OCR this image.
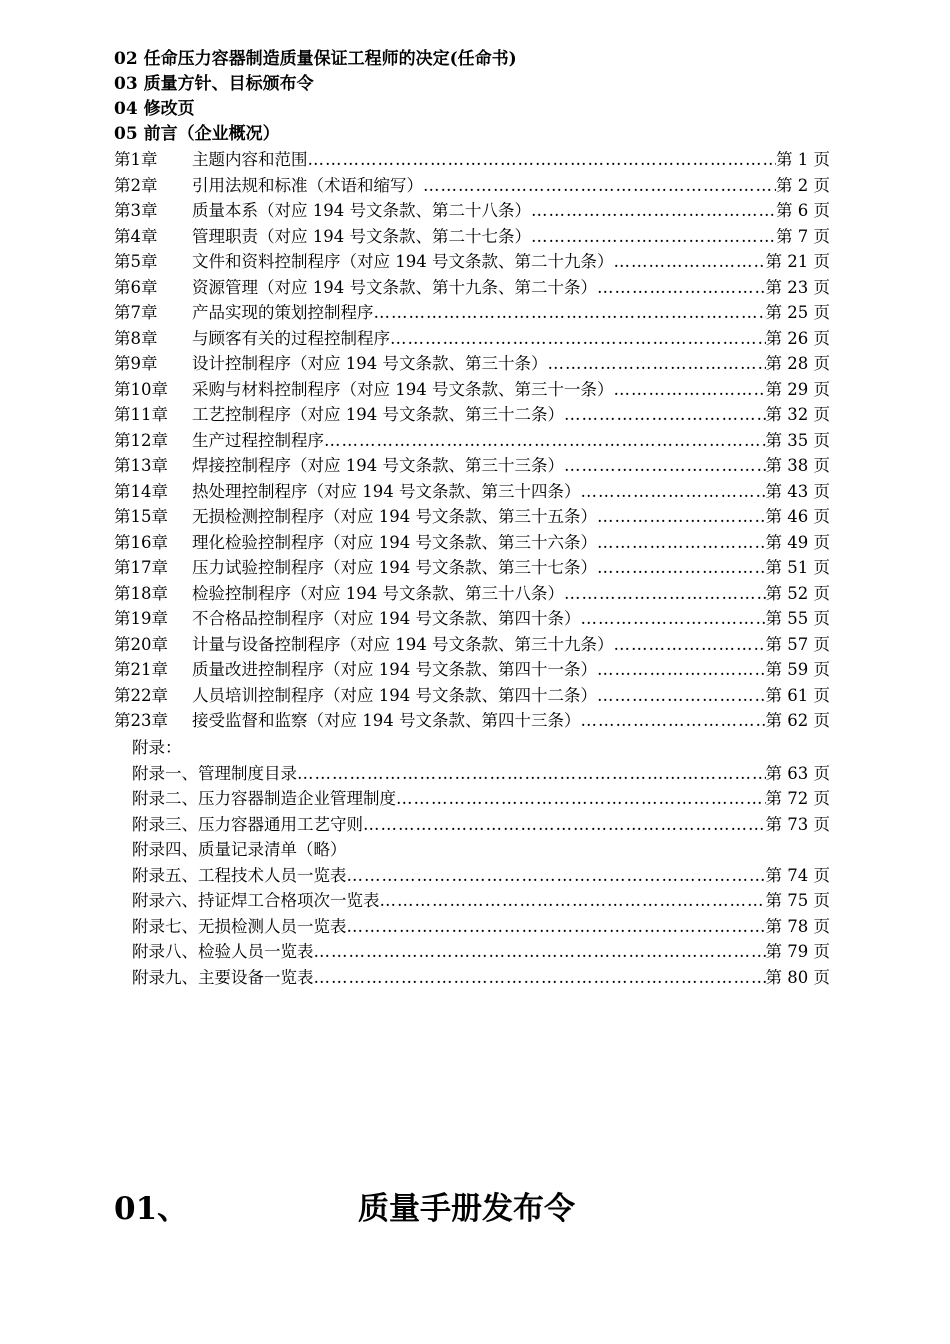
02 任命压力容器制造质量保证工程师的决定(任命书)
03 质量方针、目标颁布令
04 修改页
05 前言（企业概况）
第1章	主题内容和范围 ……………………………………………………………………………………………………………………………………………………………………………………………	第 1 页
第2章	引用法规和标准（术语和缩写） ……………………………………………………………………………………………………………………………………………………………………………………………	第 2 页
第3章	质量本系（对应 194 号文条款、第二十八条） ……………………………………………………………………………………………………………………………………………………………………………………………	第 6 页
第4章	管理职责（对应 194 号文条款、第二十七条） ……………………………………………………………………………………………………………………………………………………………………………………………	第 7 页
第5章	文件和资料控制程序（对应 194 号文条款、第二十九条） ……………………………………………………………………………………………………………………………………………………………………………………………	第 21 页
第6章	资源管理（对应 194 号文条款、第十九条、第二十条） ……………………………………………………………………………………………………………………………………………………………………………………………	第 23 页
第7章	产品实现的策划控制程序 ……………………………………………………………………………………………………………………………………………………………………………………………	第 25 页
第8章	与顾客有关的过程控制程序 ……………………………………………………………………………………………………………………………………………………………………………………………	第 26 页
第9章	设计控制程序（对应 194 号文条款、第三十条） ……………………………………………………………………………………………………………………………………………………………………………………………	第 28 页
第10章	采购与材料控制程序（对应 194 号文条款、第三十一条） ……………………………………………………………………………………………………………………………………………………………………………………………	第 29 页
第11章	工艺控制程序（对应 194 号文条款、第三十二条） ……………………………………………………………………………………………………………………………………………………………………………………………	第 32 页
第12章	生产过程控制程序 ……………………………………………………………………………………………………………………………………………………………………………………………	第 35 页
第13章	焊接控制程序（对应 194 号文条款、第三十三条） ……………………………………………………………………………………………………………………………………………………………………………………………	第 38 页
第14章	热处理控制程序（对应 194 号文条款、第三十四条） ……………………………………………………………………………………………………………………………………………………………………………………………	第 43 页
第15章	无损检测控制程序（对应 194 号文条款、第三十五条） ……………………………………………………………………………………………………………………………………………………………………………………………	第 46 页
第16章	理化检验控制程序（对应 194 号文条款、第三十六条） ……………………………………………………………………………………………………………………………………………………………………………………………	第 49 页
第17章	压力试验控制程序（对应 194 号文条款、第三十七条） ……………………………………………………………………………………………………………………………………………………………………………………………	第 51 页
第18章	检验控制程序（对应 194 号文条款、第三十八条） ……………………………………………………………………………………………………………………………………………………………………………………………	第 52 页
第19章	不合格品控制程序（对应 194 号文条款、第四十条） ……………………………………………………………………………………………………………………………………………………………………………………………	第 55 页
第20章	计量与设备控制程序（对应 194 号文条款、第三十九条） ……………………………………………………………………………………………………………………………………………………………………………………………	第 57 页
第21章	质量改进控制程序（对应 194 号文条款、第四十一条） ……………………………………………………………………………………………………………………………………………………………………………………………	第 59 页
第22章	人员培训控制程序（对应 194 号文条款、第四十二条） ……………………………………………………………………………………………………………………………………………………………………………………………	第 61 页
第23章	接受监督和监察（对应 194 号文条款、第四十三条） ……………………………………………………………………………………………………………………………………………………………………………………………	第 62 页
附录：
附录一、管理制度目录 ……………………………………………………………………………………………………………………………………………………………………………………………	第 63 页
附录二、压力容器制造企业管理制度 ……………………………………………………………………………………………………………………………………………………………………………………………	第 72 页
附录三、压力容器通用工艺守则 ……………………………………………………………………………………………………………………………………………………………………………………………	第 73 页
附录四、质量记录清单（略）
附录五、工程技术人员一览表 ……………………………………………………………………………………………………………………………………………………………………………………………	第 74 页
附录六、持证焊工合格项次一览表 ……………………………………………………………………………………………………………………………………………………………………………………………	第 75 页
附录七、无损检测人员一览表 ……………………………………………………………………………………………………………………………………………………………………………………………	第 78 页
附录八、检验人员一览表 ……………………………………………………………………………………………………………………………………………………………………………………………	第 79 页
附录九、主要设备一览表 ……………………………………………………………………………………………………………………………………………………………………………………………	第 80 页
01、	质量手册发布令
